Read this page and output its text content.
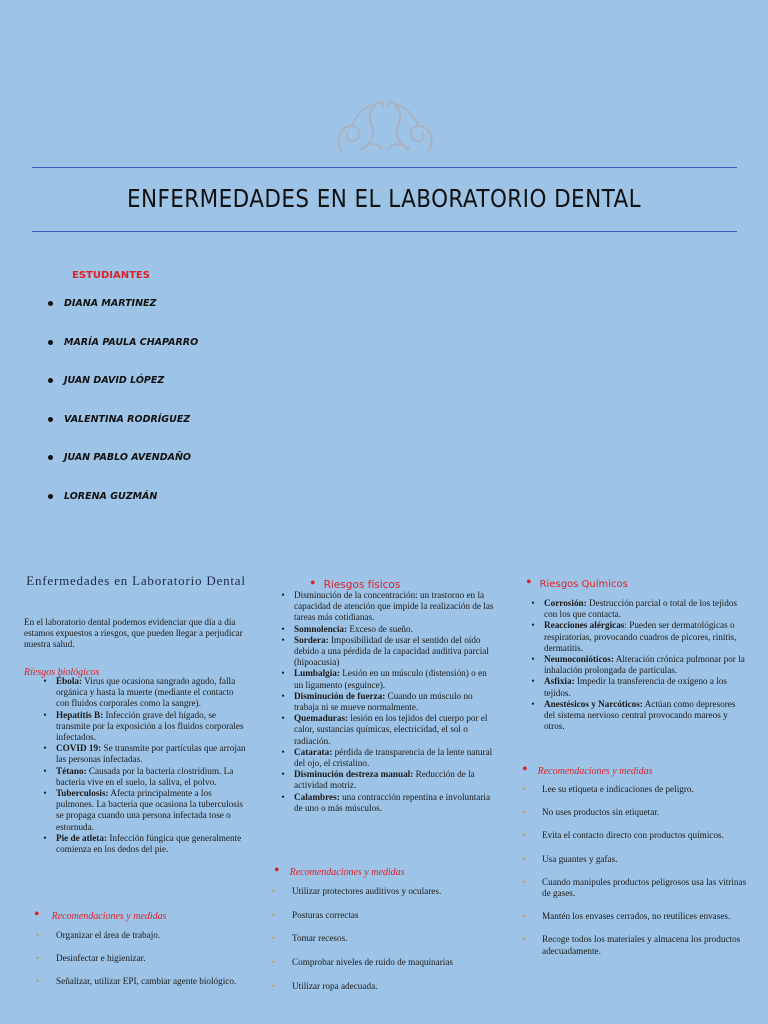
ENFERMEDADES EN EL LABORATORIO DENTAL
ESTUDIANTES
DIANA MARTINEZ
MARÍA PAULA CHAPARRO
JUAN DAVID LÓPEZ
VALENTINA RODRÍGUEZ
JUAN PABLO AVENDAÑO
LORENA GUZMÁN
Enfermedades en Laboratorio Dental
En el laboratorio dental podemos evidenciar que día a día estamos expuestos a riesgos, que pueden llegar a perjudicar nuestra salud.
Riesgos biológicos
•	Ébola: Virus que ocasiona sangrado agudo, falla orgánica y hasta la muerte (mediante el contacto con fluidos corporales como la sangre).
•	Hepatitis B: Infección grave del hígado, se transmite por la exposición a los fluidos corporales infectados.
•	COVID 19: Se transmite por partículas que arrojan las personas infectadas.
•	Tétano: Causada por la bacteria clostridium. La bacteria vive en el suelo, la saliva, el polvo.
•	Tuberculosis: Afecta principalmente a los pulmones. La bacteria que ocasiona la tuberculosis se propaga cuando una persona infectada tose o estornuda.
•	Pie de atleta: Infección fúngica que generalmente comienza en los dedos del pie.
• Recomendaciones y medidas
•	Organizar el área de trabajo.
•	Desinfectar e higienizar.
•	Señalizar, utilizar EPI, cambiar agente biológico.
• Riesgos físicos
•	Disminución de la concentración: un trastorno en la capacidad de atención que impide la realización de las tareas más cotidianas.
•	Somnolencia: Exceso de sueño.
•	Sordera: Imposibilidad de usar el sentido del oído debido a una pérdida de la capacidad auditiva parcial (hipoacusia)
•	Lumbalgia: Lesión en un músculo (distensión) o en un ligamento (esguince).
•	Disminución de fuerza: Cuando un músculo no trabaja ni se mueve normalmente.
•	Quemaduras: lesión en los tejidos del cuerpo por el calor, sustancias químicas, electricidad, el sol o radiación.
•	Catarata: pérdida de transparencia de la lente natural del ojo, el cristalino.
•	Disminución destreza manual: Reducción de la actividad motriz.
•	Calambres: una contracción repentina e involuntaria de uno o más músculos.
• Recomendaciones y medidas
•	Utilizar protectores auditivos y oculares.
•	Posturas correctas
•	Tomar recesos.
•	Comprobar niveles de ruido de maquinarias
•	Utilizar ropa adecuada.
• Riesgos Químicos
•	Corrosión: Destrucción parcial o total de los tejidos con los que contacta.
•	Reacciones alérgicas: Pueden ser dermatológicas o respiratorias, provocando cuadros de picores, rinitis, dermatitis.
•	Neumoconióticos: Alteración crónica pulmonar por la inhalación prolongada de partículas.
•	Asfixia: Impedir la transferencia de oxígeno a los tejidos.
•	Anestésicos y Narcóticos: Actúan como depresores del sistema nervioso central provocando mareos y otros.
• Recomendaciones y medidas
•	Lee su etiqueta e indicaciones de peligro.
•	No uses productos sin etiquetar.
•	Evita el contacto directo con productos químicos.
•	Usa guantes y gafas.
•	Cuando manipules productos peligrosos usa las vitrinas de gases.
•	Mantén los envases cerrados, no reutilices envases.
•	Recoge todos los materiales y almacena los productos adecuadamente.
